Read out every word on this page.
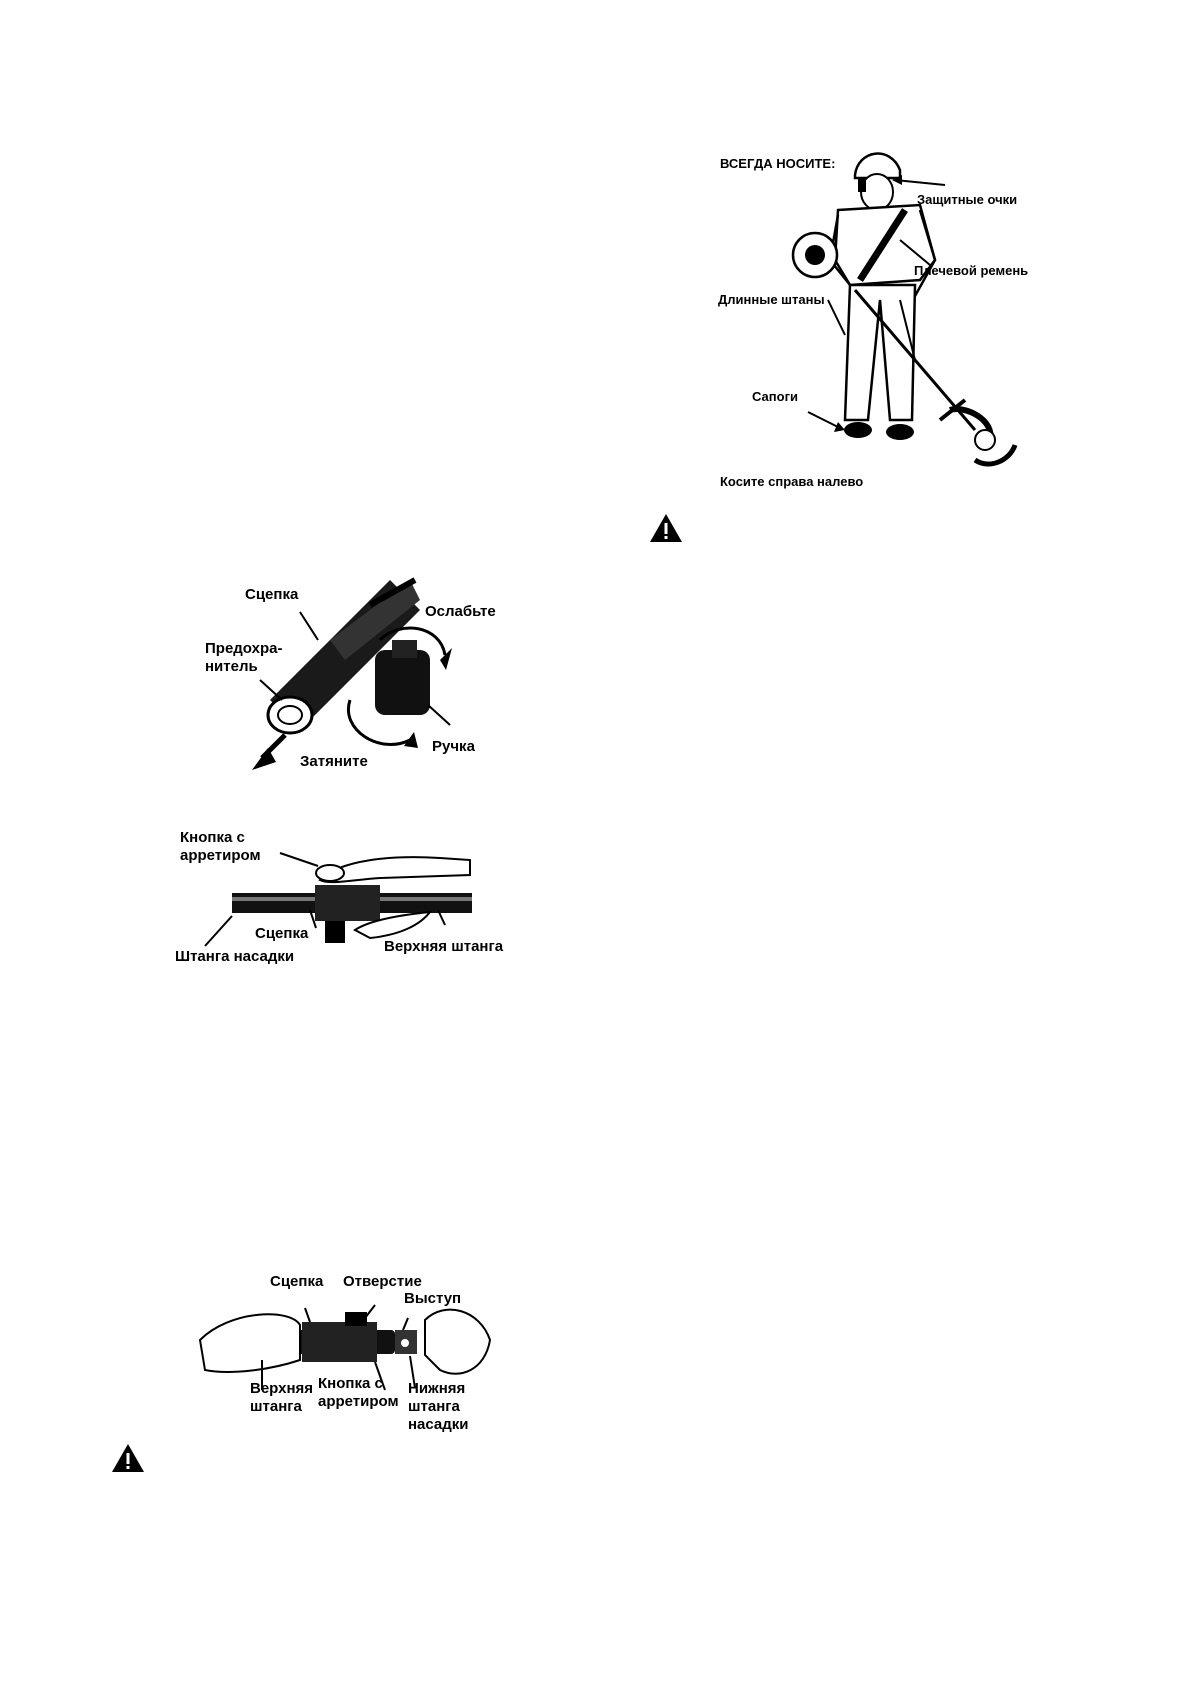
Сцепка
Предохра-
нитель
Ослабьте
Ручка
Затяните
Кнопка с
арретиром
Сцепка
Штанга насадки
Верхняя штанга
Сцепка Отверстие
Выступ
Верхняя
штанга
Кнопка с
арретиром
Нижняя
штанга
насадки
ВСЕГДА НОСИТЕ:
Защитные очки
Плечевой ремень
Длинные штаны
Сапоги
Косите справа налево
